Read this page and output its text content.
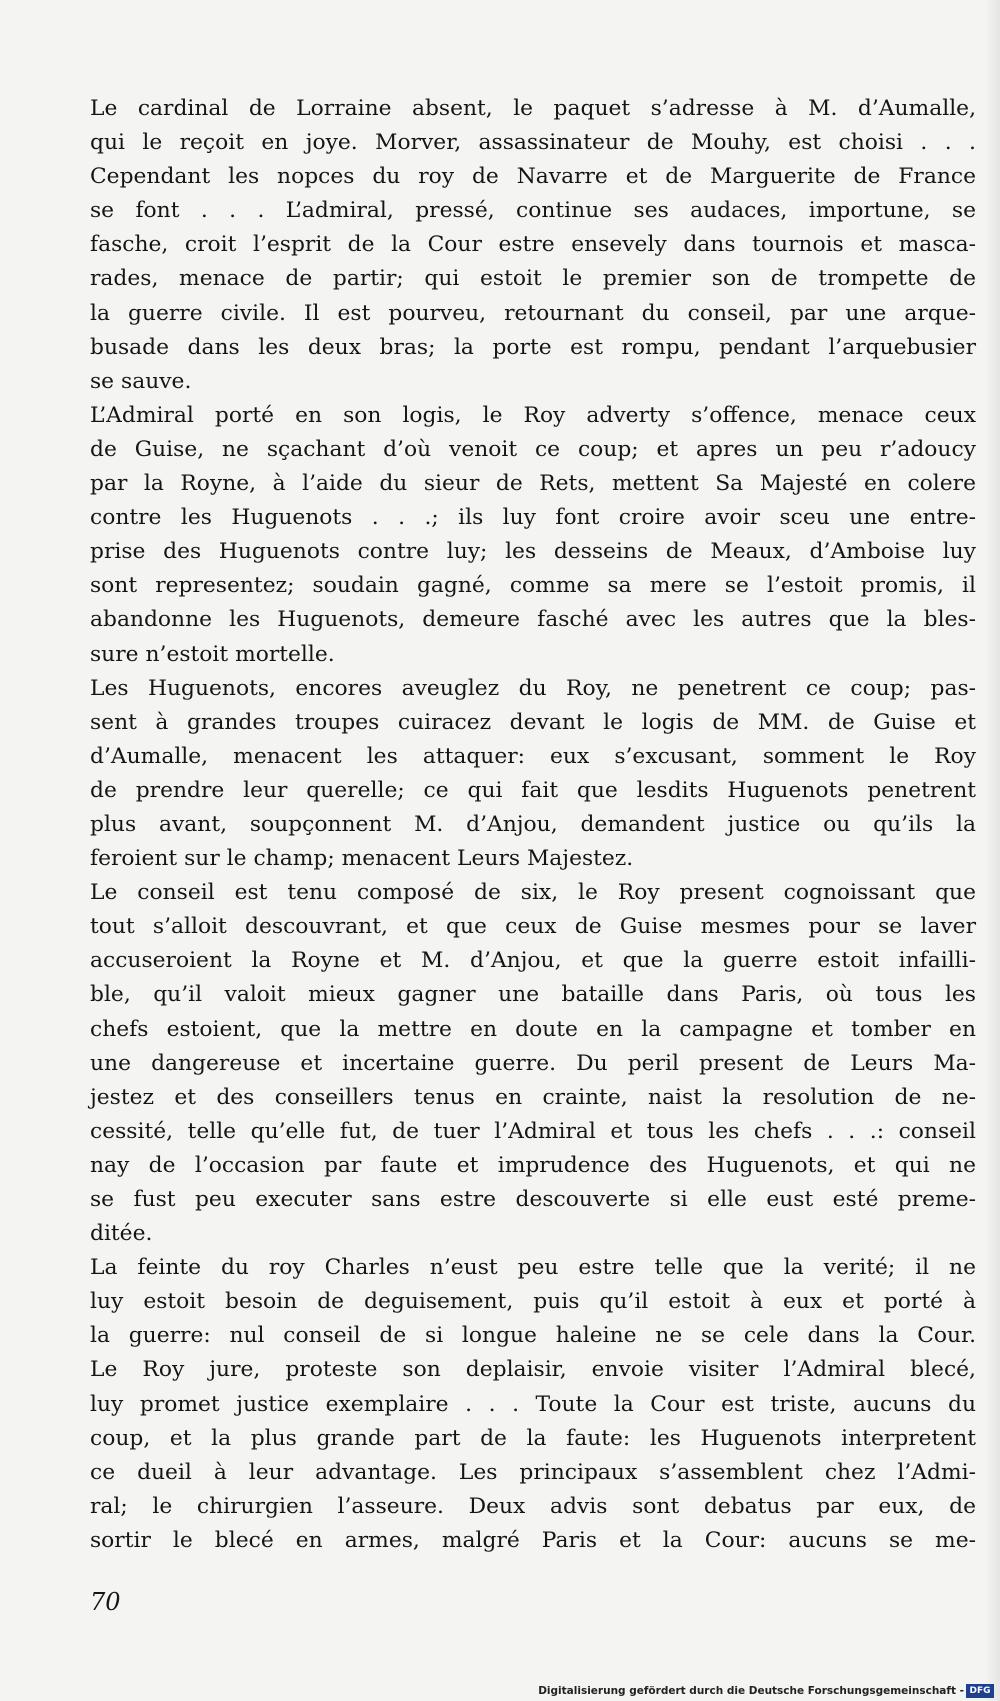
Le cardinal de Lorraine absent, le paquet s’adresse à M. d’Aumalle,
qui le reçoit en joye. Morver, assassinateur de Mouhy, est choisi . . .
Cependant les nopces du roy de Navarre et de Marguerite de France
se font . . . L’admiral, pressé, continue ses audaces, importune, se
fasche, croit l’esprit de la Cour estre ensevely dans tournois et masca-
rades, menace de partir; qui estoit le premier son de trompette de
la guerre civile. Il est pourveu, retournant du conseil, par une arque-
busade dans les deux bras; la porte est rompu, pendant l’arquebusier
se sauve.
L’Admiral porté en son logis, le Roy adverty s’offence, menace ceux
de Guise, ne sçachant d’où venoit ce coup; et apres un peu r’adoucy
par la Royne, à l’aide du sieur de Rets, mettent Sa Majesté en colere
contre les Huguenots . . .; ils luy font croire avoir sceu une entre-
prise des Huguenots contre luy; les desseins de Meaux, d’Amboise luy
sont representez; soudain gagné, comme sa mere se l’estoit promis, il
abandonne les Huguenots, demeure fasché avec les autres que la bles-
sure n’estoit mortelle.
Les Huguenots, encores aveuglez du Roy, ne penetrent ce coup; pas-
sent à grandes troupes cuiracez devant le logis de MM. de Guise et
d’Aumalle, menacent les attaquer: eux s’excusant, somment le Roy
de prendre leur querelle; ce qui fait que lesdits Huguenots penetrent
plus avant, soupçonnent M. d’Anjou, demandent justice ou qu’ils la
feroient sur le champ; menacent Leurs Majestez.
Le conseil est tenu composé de six, le Roy present cognoissant que
tout s’alloit descouvrant, et que ceux de Guise mesmes pour se laver
accuseroient la Royne et M. d’Anjou, et que la guerre estoit infailli-
ble, qu’il valoit mieux gagner une bataille dans Paris, où tous les
chefs estoient, que la mettre en doute en la campagne et tomber en
une dangereuse et incertaine guerre. Du peril present de Leurs Ma-
jestez et des conseillers tenus en crainte, naist la resolution de ne-
cessité, telle qu’elle fut, de tuer l’Admiral et tous les chefs . . .: conseil
nay de l’occasion par faute et imprudence des Huguenots, et qui ne
se fust peu executer sans estre descouverte si elle eust esté preme-
ditée.
La feinte du roy Charles n’eust peu estre telle que la verité; il ne
luy estoit besoin de deguisement, puis qu’il estoit à eux et porté à
la guerre: nul conseil de si longue haleine ne se cele dans la Cour.
Le Roy jure, proteste son deplaisir, envoie visiter l’Admiral blecé,
luy promet justice exemplaire . . . Toute la Cour est triste, aucuns du
coup, et la plus grande part de la faute: les Huguenots interpretent
ce dueil à leur advantage. Les principaux s’assemblent chez l’Admi-
ral; le chirurgien l’asseure. Deux advis sont debatus par eux, de
sortir le blecé en armes, malgré Paris et la Cour: aucuns se me-
70
Digitalisierung gefördert durch die Deutsche Forschungsgemeinschaft - DFG
